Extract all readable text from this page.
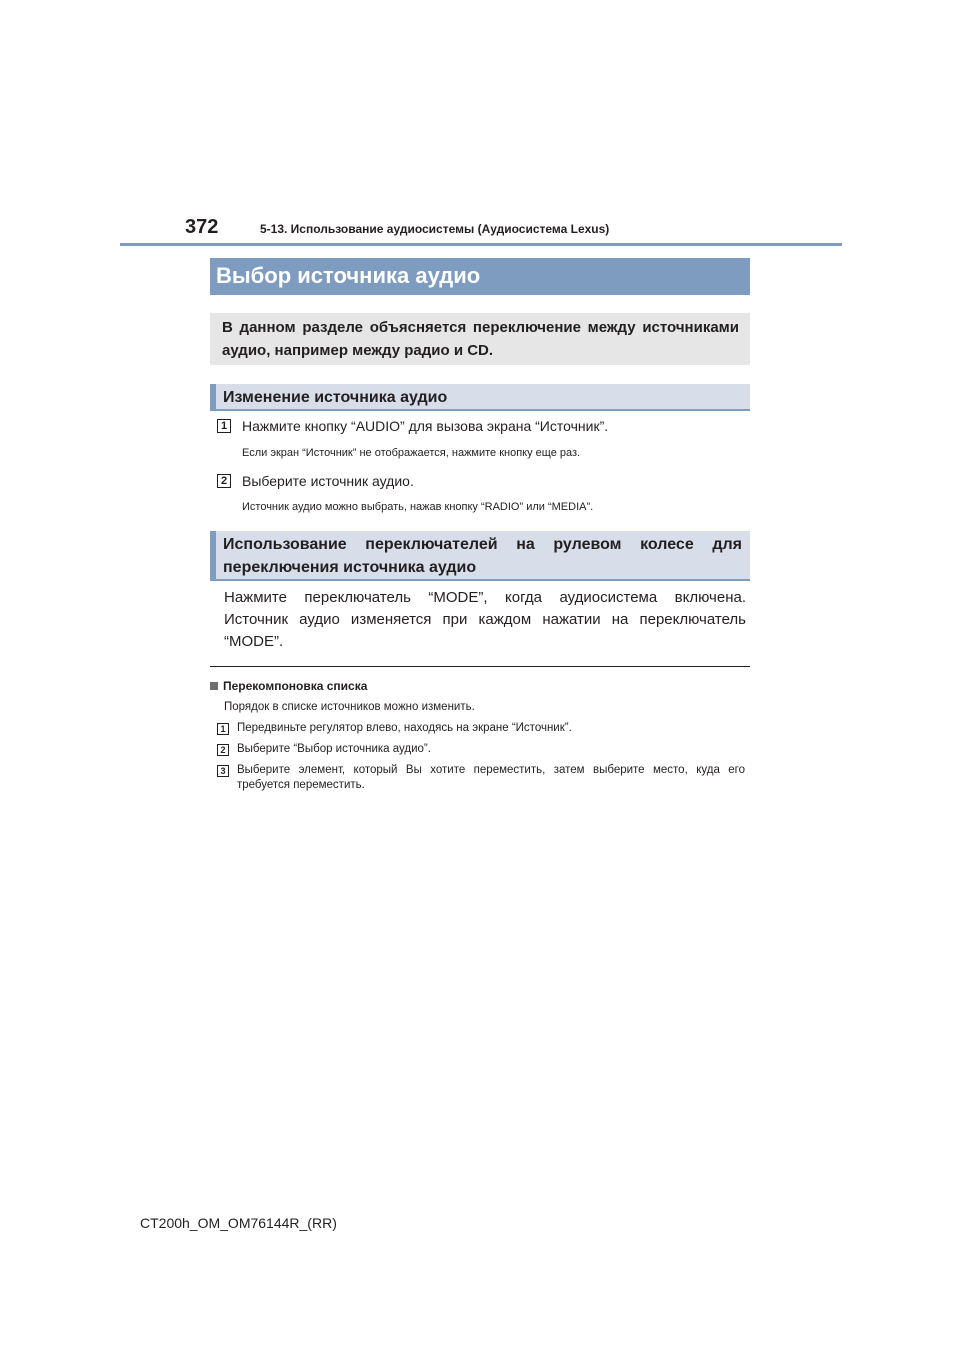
372	5-13. Использование аудиосистемы (Аудиосистема Lexus)
Выбор источника аудио
В данном разделе объясняется переключение между источниками аудио, например между радио и CD.
Изменение источника аудио
1 Нажмите кнопку “AUDIO” для вызова экрана “Источник”.
Если экран “Источник” не отображается, нажмите кнопку еще раз.
2 Выберите источник аудио.
Источник аудио можно выбрать, нажав кнопку “RADIO” или “MEDIA”.
Использование переключателей на рулевом колесе для переключения источника аудио
Нажмите переключатель “MODE”, когда аудиосистема включена. Источник аудио изменяется при каждом нажатии на переключатель “MODE”.
Перекомпоновка списка
Порядок в списке источников можно изменить.
1	Передвиньте регулятор влево, находясь на экране “Источник”.
2	Выберите “Выбор источника аудио”.
3	Выберите элемент, который Вы хотите переместить, затем выберите место, куда его требуется переместить.
CT200h_OM_OM76144R_(RR)
